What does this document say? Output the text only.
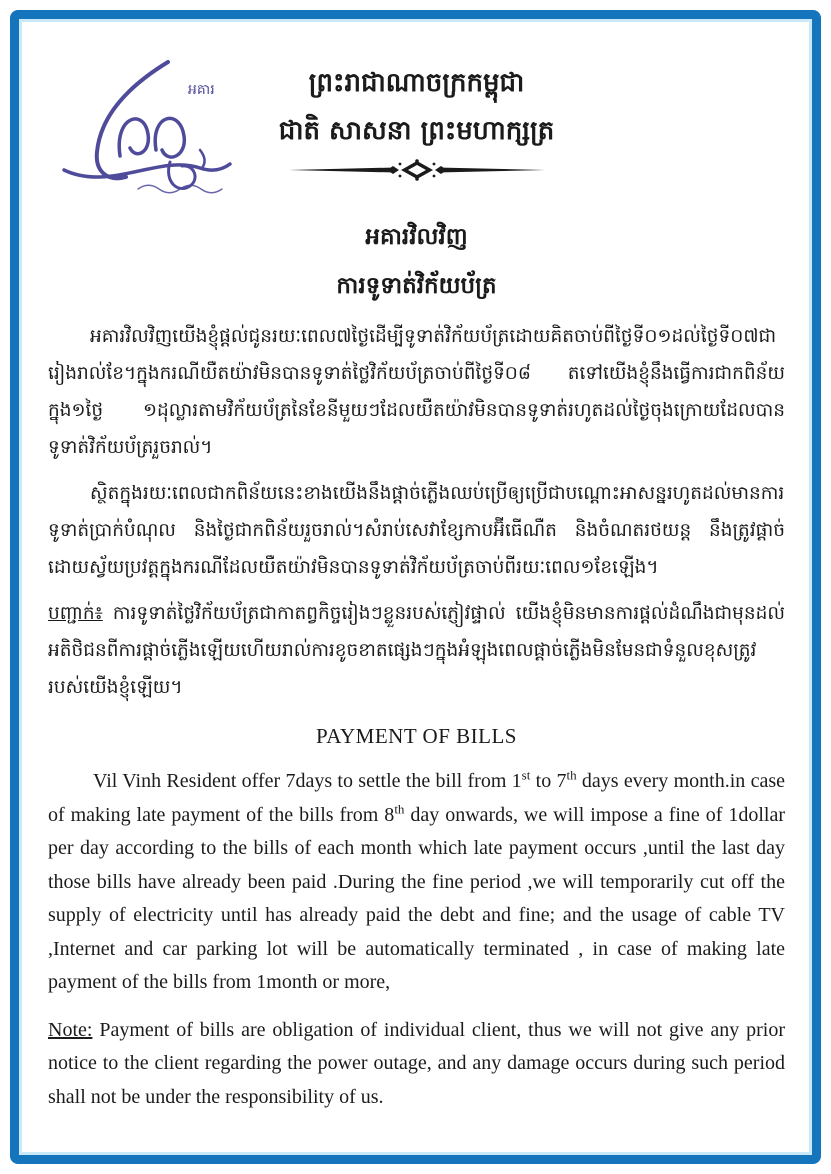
អគារ	ព្រះរាជាណាចក្រកម្ពុជា

ជាតិ សាសនា ព្រះមហាក្សត្រ

អគារវិលវិញ

ការទូទាត់វិក័យប័ត្រ

អគារវិលវិញយើងខ្ញុំផ្តល់ជូនរយៈពេល៧ថ្ងៃដើម្បីទូទាត់វិក័យប័ត្រដោយគិតចាប់ពីថ្ងៃទី០១ដល់ថ្ងៃទី០៧ជារៀងរាល់ខែ។ក្នុងករណីយឺតយ៉ាវមិនបានទូទាត់ថ្លៃវិក័យប័ត្រចាប់ពីថ្ងៃទី០៨ តទៅយើងខ្ញុំនឹងធ្វើការជាកពិន័យក្នុង១ថ្ងៃ ១ដុល្លារតាមវិក័យប័ត្រនៃខែនីមួយៗដែលយឺតយ៉ាវមិនបានទូទាត់រហូតដល់ថ្ងៃចុងក្រោយដែលបានទូទាត់វិក័យប័ត្ររួចរាល់។

ស្ថិតក្នុងរយៈពេលជាកពិន័យនេះខាងយើងនឹងផ្តាច់ភ្លើងឈប់ប្រើឲ្យប្រើជាបណ្តោះអាសន្នរហូតដល់មានការទូទាត់ប្រាក់បំណុល និងថ្ងៃជាកពិន័យរួចរាល់។សំរាប់សេវាខ្សែកាបអ៊ីធើណឺត និងចំណតរថយន្ត នឹងត្រូវផ្តាច់ដោយស្វ័យប្រវត្តក្នុងករណីដែលយឺតយ៉ាវមិនបានទូទាត់វិក័យប័ត្រចាប់ពីរយៈពេល១ខែឡើង។

បញ្ជាក់៖ ការទូទាត់ថ្លៃវិក័យប័ត្រជាកាតព្វកិច្ចរៀងៗខ្លួនរបស់ភ្ញៀវផ្ទាល់ យើងខ្ញុំមិនមានការផ្តល់ដំណឹងជាមុនដល់អតិថិជនពីការផ្តាច់ភ្លើងឡើយហើយរាល់ការខូចខាតផ្សេងៗក្នុងអំឡុងពេលផ្តាច់ភ្លើងមិនមែនជាទំនួលខុសត្រូវរបស់យើងខ្ញុំឡើយ។

PAYMENT OF BILLS

Vil Vinh Resident offer 7days to settle the bill from 1st to 7th days every month.in case of making late payment of the bills from 8th day onwards, we will impose a fine of 1dollar per day according to the bills of each month which late payment occurs ,until the last day those bills have already been paid .During the fine period ,we will temporarily cut off the supply of electricity until has already paid the debt and fine; and the usage of cable TV ,Internet and car parking lot will be automatically terminated , in case of making late payment of the bills from 1month or more,

Note: Payment of bills are obligation of individual client, thus we will not give any prior notice to the client regarding the power outage, and any damage occurs during such period shall not be under the responsibility of us.
